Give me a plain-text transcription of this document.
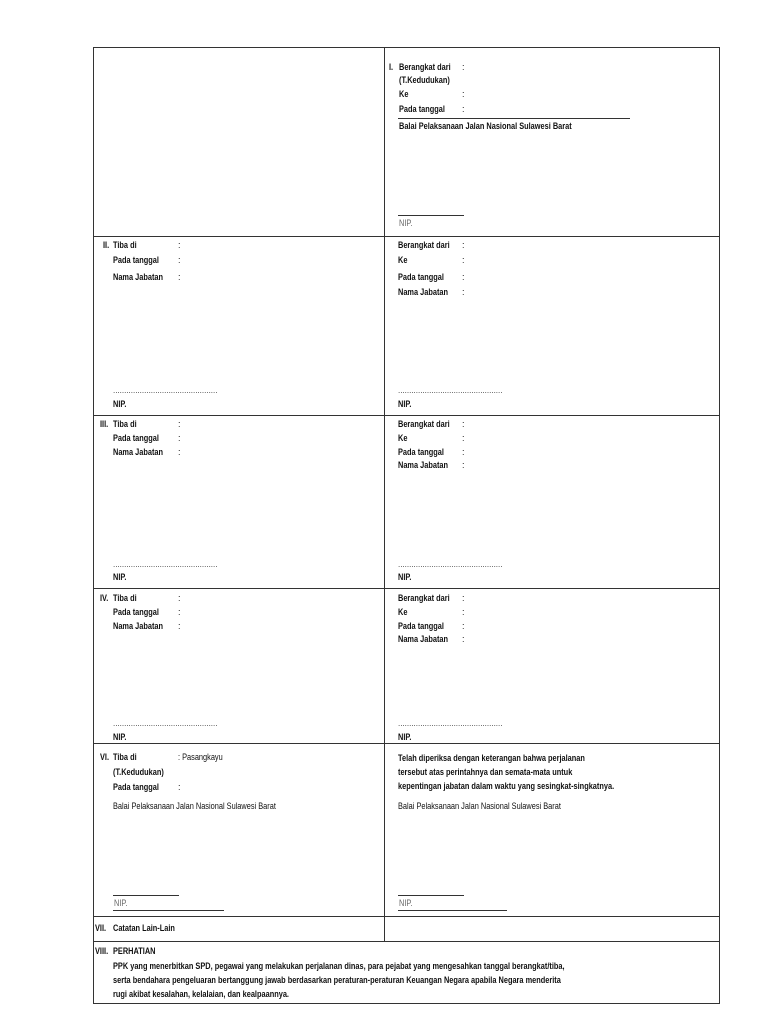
I. Berangkat dari :
(T.Kedudukan)
Ke	:
Pada tanggal :
Balai Pelaksanaan Jalan Nasional Sulawesi Barat
NIP.
II. Tiba di	:
Pada tanggal :
Nama Jabatan :
...............................................
NIP.
Berangkat dari :
Ke	:
Pada tanggal :
Nama Jabatan :
...............................................
NIP.
III. Tiba di	:
Pada tanggal :
Nama Jabatan :
...............................................
NIP.
Berangkat dari :
Ke	:
Pada tanggal :
Nama Jabatan :
...............................................
NIP.
IV. Tiba di	:
Pada tanggal :
Nama Jabatan :
...............................................
NIP.
Berangkat dari :
Ke	:
Pada tanggal :
Nama Jabatan :
...............................................
NIP.
VI. Tiba di	: Pasangkayu
(T.Kedudukan)
Pada tanggal :
Balai Pelaksanaan Jalan Nasional Sulawesi Barat
NIP.
Telah diperiksa dengan keterangan bahwa perjalanan
tersebut atas perintahnya dan semata-mata untuk
kepentingan jabatan dalam waktu yang sesingkat-singkatnya.
Balai Pelaksanaan Jalan Nasional Sulawesi Barat
NIP.
VII. Catatan Lain-Lain
VIII. PERHATIAN
PPK yang menerbitkan SPD, pegawai yang melakukan perjalanan dinas, para pejabat yang mengesahkan tanggal berangkat/tiba,
serta bendahara pengeluaran bertanggung jawab berdasarkan peraturan-peraturan Keuangan Negara apabila Negara menderita
rugi akibat kesalahan, kelalaian, dan kealpaannya.
